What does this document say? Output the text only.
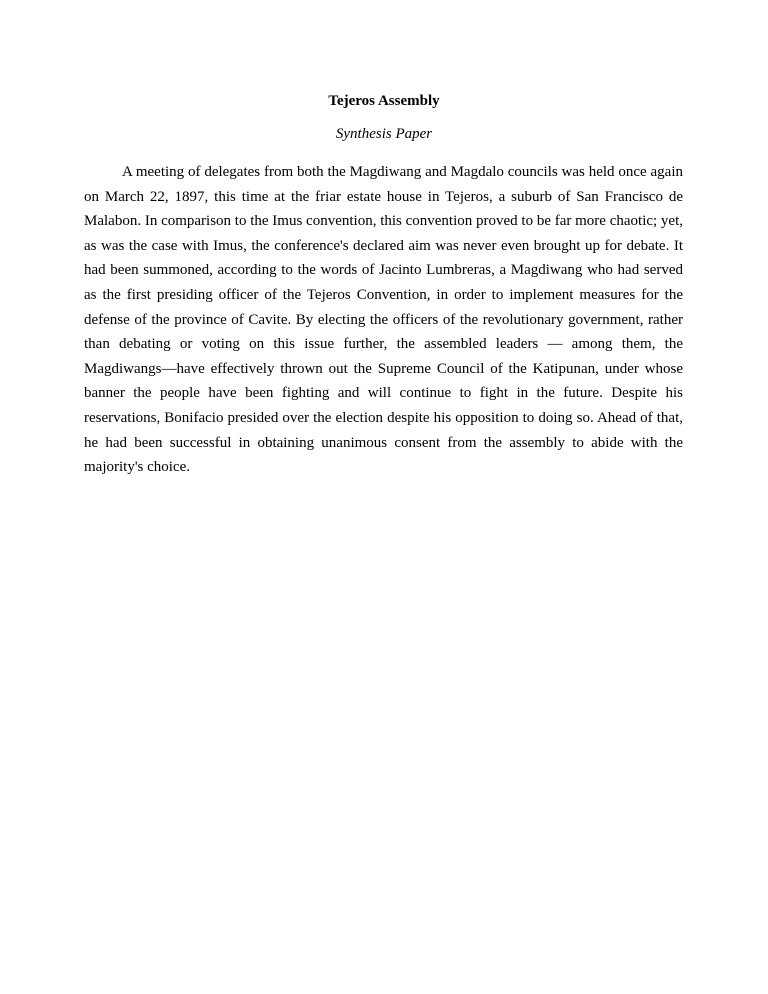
Tejeros Assembly
Synthesis Paper

A meeting of delegates from both the Magdiwang and Magdalo councils was held once again on March 22, 1897, this time at the friar estate house in Tejeros, a suburb of San Francisco de Malabon. In comparison to the Imus convention, this convention proved to be far more chaotic; yet, as was the case with Imus, the conference's declared aim was never even brought up for debate. It had been summoned, according to the words of Jacinto Lumbreras, a Magdiwang who had served as the first presiding officer of the Tejeros Convention, in order to implement measures for the defense of the province of Cavite. By electing the officers of the revolutionary government, rather than debating or voting on this issue further, the assembled leaders — among them, the Magdiwangs—have effectively thrown out the Supreme Council of the Katipunan, under whose banner the people have been fighting and will continue to fight in the future. Despite his reservations, Bonifacio presided over the election despite his opposition to doing so. Ahead of that, he had been successful in obtaining unanimous consent from the assembly to abide with the majority's choice.
